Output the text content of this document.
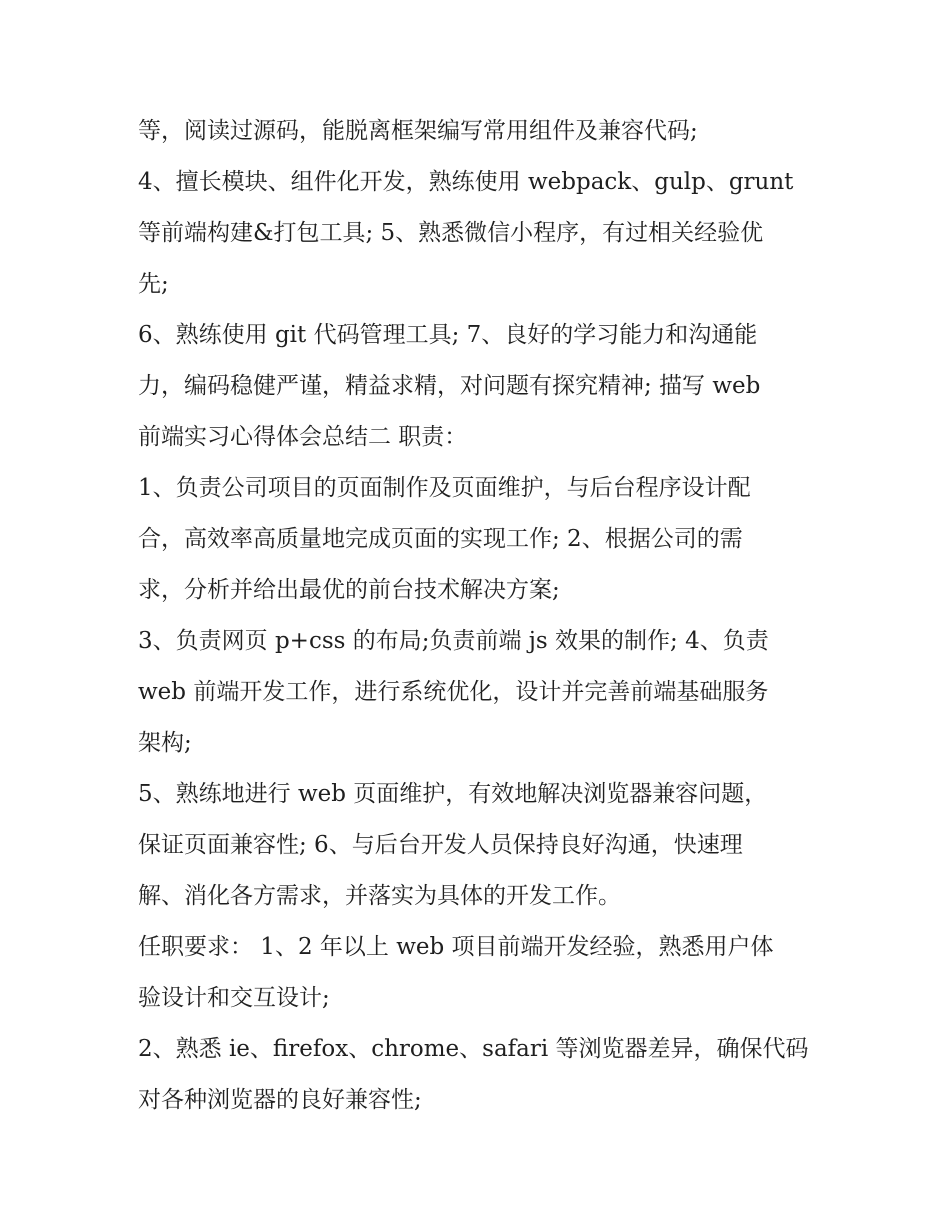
等，阅读过源码，能脱离框架编写常用组件及兼容代码;
4、擅长模块、组件化开发，熟练使用 webpack、gulp、grunt
等前端构建&打包工具; 5、熟悉微信小程序，有过相关经验优
先;
6、熟练使用 git 代码管理工具; 7、良好的学习能力和沟通能
力，编码稳健严谨，精益求精，对问题有探究精神; 描写 web
前端实习心得体会总结二 职责：
1、负责公司项目的页面制作及页面维护，与后台程序设计配
合，高效率高质量地完成页面的实现工作; 2、根据公司的需
求，分析并给出最优的前台技术解决方案;
3、负责网页 p+css 的布局;负责前端 js 效果的制作; 4、负责
web 前端开发工作，进行系统优化，设计并完善前端基础服务
架构;
5、熟练地进行 web 页面维护，有效地解决浏览器兼容问题，
保证页面兼容性; 6、与后台开发人员保持良好沟通，快速理
解、消化各方需求，并落实为具体的开发工作。
任职要求： 1、2 年以上 web 项目前端开发经验，熟悉用户体
验设计和交互设计;
2、熟悉 ie、firefox、chrome、safari 等浏览器差异，确保代码
对各种浏览器的良好兼容性;
